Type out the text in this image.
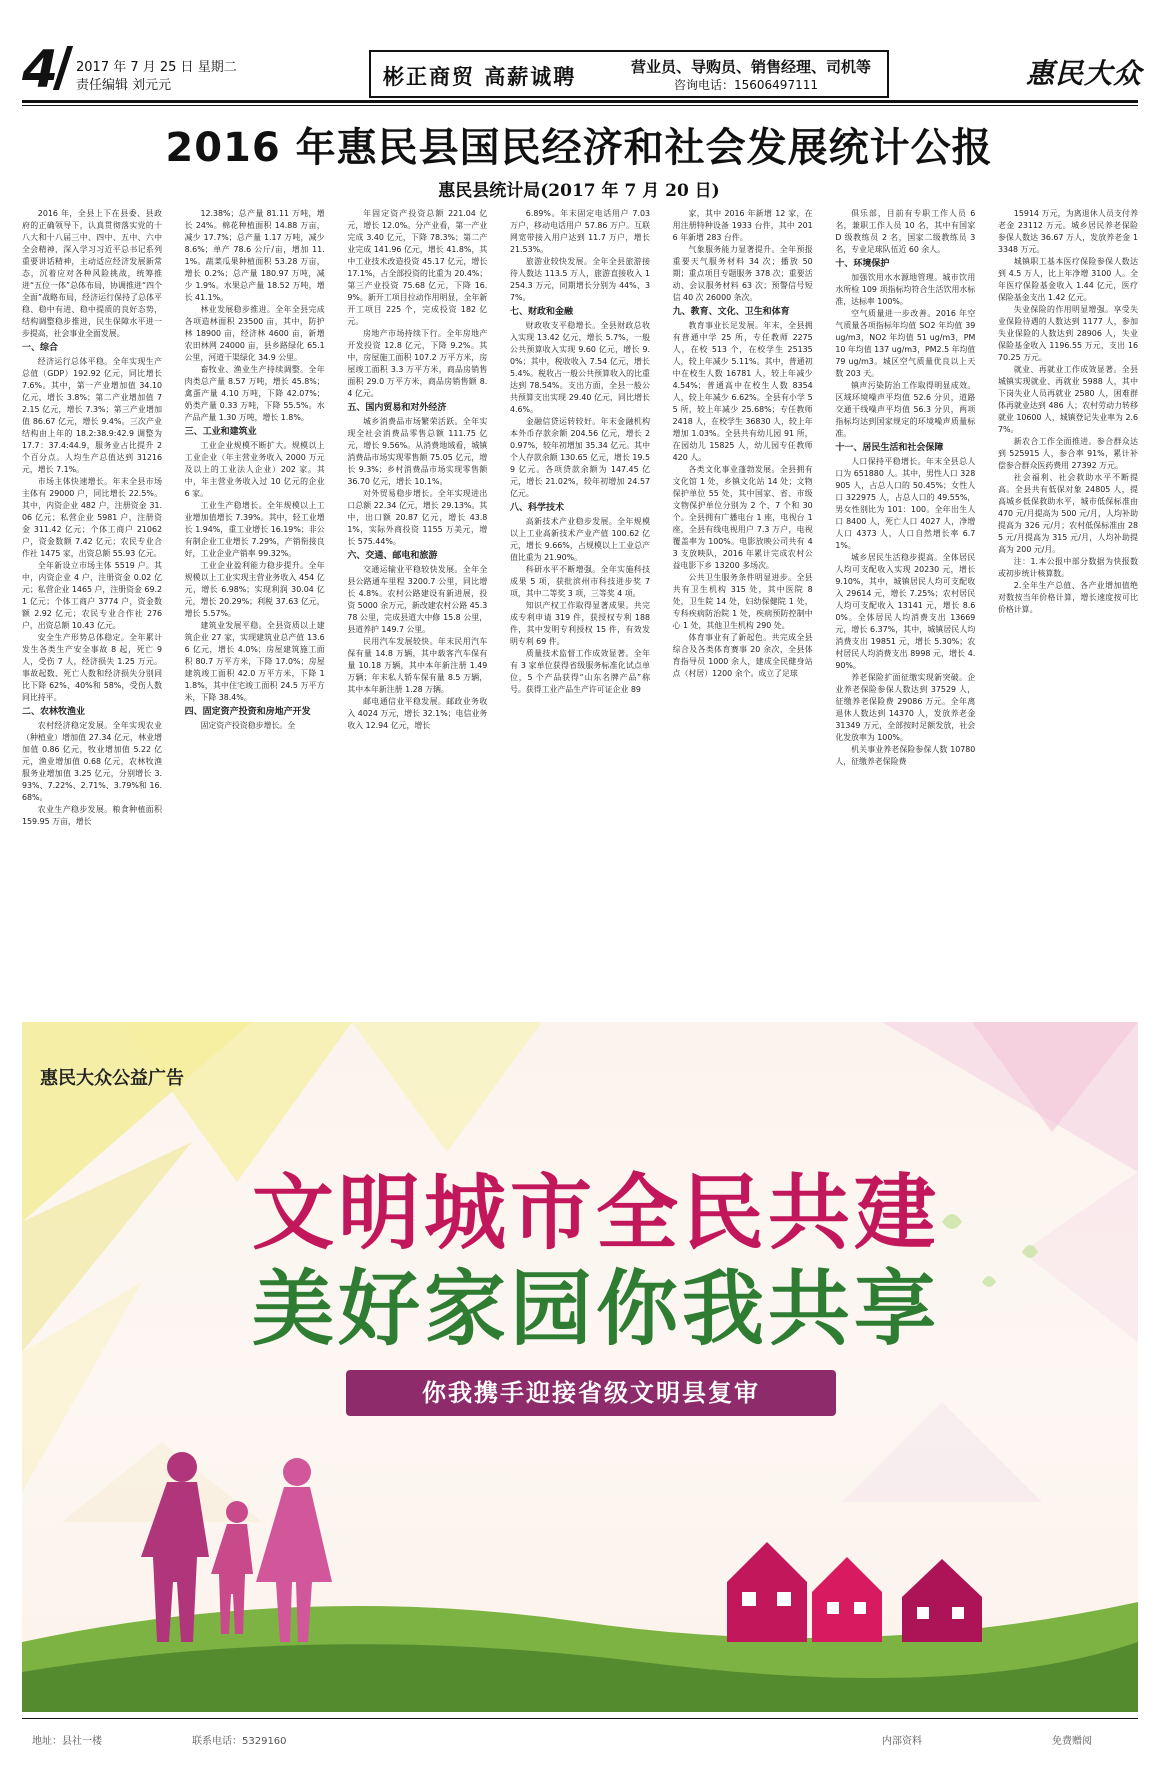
4 2017 年 7 月 25 日 星期二
责任编辑 刘元元	彬正商贸 高薪诚聘	营业员、导购员、销售经理、司机等
咨询电话：15606497111	惠民大众
2016 年惠民县国民经济和社会发展统计公报
惠民县统计局(2017 年 7 月 20 日)

2016 年，全县上下在县委、县政府的正确领导下，认真贯彻落实党的十八大和十八届三中、四中、五中、六中全会精神，深入学习习近平总书记系列重要讲话精神，主动适应经济发展新常态，沉着应对各种风险挑战，统筹推进“五位一体”总体布局，协调推进“四个全面”战略布局，经济运行保持了总体平稳、稳中有进、稳中提质的良好态势，结构调整稳步推进，民生保障水平进一步提高，社会事业全面发展。

一、综合

经济运行总体平稳。全年实现生产总值（GDP）192.92 亿元，同比增长 7.6%。其中，第一产业增加值 34.10 亿元，增长 3.8%；第二产业增加值 72.15 亿元，增长 7.3%；第三产业增加值 86.67 亿元，增长 9.4%。三次产业结构由上年的 18.2:38.9:42.9 调整为 17.7：37.4:44.9，服务业占比提升 2 个百分点。人均生产总值达到 31216 元，增长 7.1%。

市场主体快速增长。年末全县市场主体有 29000 户，同比增长 22.5%。其中，内资企业 482 户，注册资金 31.06 亿元；私营企业 5981 户，注册资金 311.42 亿元；个体工商户 21062 户，资金数额 7.42 亿元；农民专业合作社 1475 家，出资总额 55.93 亿元。

全年新设立市场主体 5519 户。其中，内资企业 4 户，注册资金 0.02 亿元；私营企业 1465 户，注册资金 69.21 亿元；个体工商户 3774 户，资金数额 2.92 亿元；农民专业合作社 276 户，出资总额 10.43 亿元。

安全生产形势总体稳定。全年累计发生各类生产安全事故 8 起，死亡 9 人，受伤 7 人，经济损失 1.25 万元。事故起数、死亡人数和经济损失分别同比下降 62%、40%和 58%，受伤人数同比持平。

二、农林牧渔业

农村经济稳定发展。全年实现农业（种植业）增加值 27.34 亿元，林业增加值 0.86 亿元，牧业增加值 5.22 亿元，渔业增加值 0.68 亿元，农林牧渔服务业增加值 3.25 亿元，分别增长 3.93%、7.22%、2.71%、3.79%和 16.68%。

农业生产稳步发展。粮食种植面积 159.95 万亩，增长

12.38%；总产量 81.11 万吨，增长 24%。棉花种植面积 14.88 万亩，减少 17.7%；总产量 1.17 万吨，减少 8.6%；单产 78.6 公斤/亩，增加 11.1%。蔬菜瓜果种植面积 53.28 万亩，增长 0.2%；总产量 180.97 万吨，减少 1.9%。水果总产量 18.52 万吨，增长 41.1%。

林业发展稳步推进。全年全县完成各项造林面积 23500 亩，其中，防护林 18900 亩，经济林 4600 亩，新增农田林网 24000 亩，县乡路绿化 65.1 公里，河道干渠绿化 34.9 公里。

畜牧业、渔业生产持续调整。全年肉类总产量 8.57 万吨，增长 45.8%；禽蛋产量 4.10 万吨，下降 42.07%；奶类产量 0.33 万吨，下降 55.5%。水产品产量 1.30 万吨，增长 1.8%。

三、工业和建筑业

工业企业规模不断扩大。规模以上工业企业（年主营业务收入 2000 万元及以上的工业法人企业）202 家。其中，年主营业务收入过 10 亿元的企业 6 家。

工业生产稳增长。全年规模以上工业增加值增长 7.39%。其中，轻工业增长 1.94%，重工业增长 16.19%；非公有制企业工业增长 7.29%，产销衔接良好，工业企业产销率 99.32%。

工业企业盈利能力稳步提升。全年规模以上工业实现主营业务收入 454 亿元，增长 6.98%；实现利润 30.04 亿元，增长 20.29%；利税 37.63 亿元，增长 5.57%。

建筑业发展平稳。全县资质以上建筑企业 27 家，实现建筑业总产值 13.66 亿元，增长 4.0%；房屋建筑施工面积 80.7 万平方米，下降 17.0%；房屋建筑竣工面积 42.0 万平方米，下降 11.8%，其中住宅竣工面积 24.5 万平方米，下降 38.4%。

四、固定资产投资和房地产开发

固定资产投资稳步增长。全

年固定资产投资总额 221.04 亿元，增长 12.0%。分产业看，第一产业完成 3.40 亿元，下降 78.3%；第二产业完成 141.96 亿元，增长 41.8%，其中工业技术改造投资 45.17 亿元，增长 17.1%，占全部投资的比重为 20.4%；第三产业投资 75.68 亿元，下降 16.9%。新开工项目拉动作用明显，全年新开工项目 225 个，完成投资 182 亿元。

房地产市场持续下行。全年房地产开发投资 12.8 亿元，下降 9.2%。其中，房屋施工面积 107.2 万平方米，房屋竣工面积 3.3 万平方米，商品房销售面积 29.0 万平方米，商品房销售额 8.4 亿元。

五、国内贸易和对外经济

城乡消费品市场繁荣活跃。全年实现全社会消费品零售总额 111.75 亿元，增长 9.56%。从消费地域看，城镇消费品市场实现零售额 75.05 亿元，增长 9.3%；乡村消费品市场实现零售额 36.70 亿元，增长 10.1%。

对外贸易稳步增长。全年实现进出口总额 22.34 亿元，增长 29.13%。其中，出口额 20.87 亿元，增长 43.81%，实际外商投资 1155 万美元，增长 575.44%。

六、交通、邮电和旅游

交通运输业平稳较快发展。全年全县公路通车里程 3200.7 公里，同比增长 4.8%。农村公路建设有新进展，投资 5000 余万元，新改建农村公路 45.378 公里，完成县道大中修 15.8 公里，县道养护 149.7 公里。

民用汽车发展较快。年末民用汽车保有量 14.8 万辆，其中载客汽车保有量 10.18 万辆，其中本年新注册 1.49 万辆；年末私人轿车保有量 8.5 万辆，其中本年新注册 1.28 万辆。

邮电通信业平稳发展。邮政业务收入 4024 万元，增长 32.1%；电信业务收入 12.94 亿元，增长

6.89%。年末固定电话用户 7.03 万户，移动电话用户 57.86 万户。互联网宽带接入用户达到 11.7 万户，增长 21.53%。

旅游业较快发展。全年全县旅游接待人数达 113.5 万人，旅游直接收入 1254.3 万元，同期增长分别为 44%、37%。

七、财政和金融

财政收支平稳增长。全县财政总收入实现 13.42 亿元，增长 5.7%，一般公共预算收入实现 9.60 亿元，增长 9.0%；其中，税收收入 7.54 亿元，增长 5.4%。税收占一般公共预算收入的比重达到 78.54%。支出方面，全县一般公共预算支出实现 29.40 亿元，同比增长 4.6%。

金融信贷运转较好。年末金融机构本外币存款余额 204.56 亿元，增长 20.97%，较年初增加 35.34 亿元。其中个人存款余额 130.65 亿元，增长 19.59 亿元。各项贷款余额为 147.45 亿元，增长 21.02%，较年初增加 24.57 亿元。

八、科学技术

高新技术产业稳步发展。全年规模以上工业高新技术产业产值 100.62 亿元，增长 9.66%，占规模以上工业总产值比重为 21.90%。

科研水平不断增强。全年实施科技成果 5 项，获批滨州市科技进步奖 7 项，其中二等奖 3 项，三等奖 4 项。

知识产权工作取得显著成果。共完成专利申请 319 件，获授权专利 188 件，其中发明专利授权 15 件，有效发明专利 69 件。

质量技术监督工作成效显著。全年有 3 家单位获得省级服务标准化试点单位，5 个产品获得“山东名牌产品”称号。获得工业产品生产许可证企业 89

家，其中 2016 年新增 12 家，在用注册特种设备 1933 台件，其中 2016 年新增 283 台件。

气象服务能力显著提升。全年预报重要天气服务材料 34 次；播放 50 期；重点项目专题服务 378 次；重要活动、会议服务材料 63 次；预警信号短信 40 次 26000 条次。

九、教育、文化、卫生和体育

教育事业长足发展。年末，全县拥有普通中学 25 所，专任教师 2275 人，在校 513 个，在校学生 25135 人，较上年减少 5.11%。其中，普通初中在校生人数 16781 人，较上年减少 4.54%；普通高中在校生人数 8354 人，较上年减少 6.62%。全县有小学 55 所，较上年减少 25.68%；专任教师 2418 人，在校学生 36830 人，较上年增加 1.03%。全县共有幼儿园 91 所，在园幼儿 15825 人，幼儿园专任教师 420 人。

各类文化事业蓬勃发展。全县拥有文化馆 1 处，乡镇文化站 14 处；文物保护单位 55 处，其中国家、省、市级文物保护单位分别为 2 个、7 个和 30 个。全县拥有广播电台 1 座，电视台 1 座，全县有线电视用户 7.3 万户，电视覆盖率为 100%。电影放映公司共有 43 支放映队，2016 年累计完成农村公益电影下乡 13200 多场次。

公共卫生服务条件明显进步。全县共有卫生机构 315 处，其中医院 8 处，卫生院 14 处，妇幼保健院 1 处，专科疾病防治院 1 处，疾病预防控制中心 1 处，其他卫生机构 290 处。

体育事业有了新起色。共完成全县综合及各类体育赛事 20 余次，全县体育指导员 1000 余人，建成全民健身站点（村居）1200 余个。成立了足球

俱乐部，目前有专职工作人员 6 名，兼职工作人员 10 名，其中有国家 D 级教练员 2 名，国家二级教练员 3 名，专业足球队伍近 60 余人。

十、环境保护

加强饮用水水源地管理。城市饮用水所检 109 项指标均符合生活饮用水标准，达标率 100%。

空气质量进一步改善。2016 年空气质量各项指标年均值 SO2 年均值 39ug/m3，NO2 年均值 51 ug/m3，PM10 年均值 137 ug/m3，PM2.5 年均值 79 ug/m3。城区空气质量优良以上天数 203 天。

镇声污染防治工作取得明显成效。区域环境噪声平均值 52.6 分贝，道路交通干线噪声平均值 56.3 分贝，两项指标均达到国家规定的环境噪声质量标准。

十一、居民生活和社会保障

人口保持平稳增长。年末全县总人口为 651880 人。其中，男性人口 328905 人，占总人口的 50.45%；女性人口 322975 人，占总人口的 49.55%，男女性别比为 101：100。全年出生人口 8400 人，死亡人口 4027 人，净增人口 4373 人，人口自然增长率 6.71%。

城乡居民生活稳步提高。全体居民人均可支配收入实现 20230 元，增长 9.10%，其中，城镇居民人均可支配收入 29614 元，增长 7.25%；农村居民人均可支配收入 13141 元，增长 8.60%。全体居民人均消费支出 13669 元，增长 6.37%，其中，城镇居民人均消费支出 19851 元，增长 5.30%；农村居民人均消费支出 8998 元，增长 4.90%。

养老保险扩面征缴实现新突破。企业养老保险参保人数达到 37529 人，征缴养老保险费 29086 万元。全年离退休人数达到 14370 人，发放养老金 31349 万元，全部按时足额发放，社会化发放率为 100%。

机关事业养老保险参保人数 10780 人，征缴养老保险费

15914 万元，为离退休人员支付养老金 23112 万元。城乡居民养老保险参保人数达 36.67 万人，发放养老金 13348 万元。

城镇职工基本医疗保险参保人数达到 4.5 万人，比上年净增 3100 人。全年医疗保险基金收入 1.44 亿元，医疗保险基金支出 1.42 亿元。

失业保险的作用明显增强。享受失业保险待遇的人数达到 1177 人，参加失业保险的人数达到 28906 人，失业保险基金收入 1196.55 万元，支出 1670.25 万元。

就业、再就业工作成效显著。全县城镇实现就业、再就业 5988 人，其中下岗失业人员再就业 2580 人，困难群体再就业达到 486 人；农村劳动力转移就业 10600 人，城镇登记失业率为 2.67%。

新农合工作全面推进。参合群众达到 525915 人，参合率 91%，累计补偿参合群众医药费用 27392 万元。

社会福利、社会救助水平不断提高。全县共有低保对象 24805 人，提高城乡低保救助水平，城市低保标准由 470 元/月提高为 500 元/月，人均补助提高为 326 元/月；农村低保标准由 285 元/月提高为 315 元/月，人均补助提高为 200 元/月。

注：1.本公报中部分数据为快报数或初步统计核算数。

2.全年生产总值、各产业增加值绝对数按当年价格计算，增长速度按可比价格计算。

惠民大众公益广告
文明城市全民共建
美好家园你我共享
你我携手迎接省级文明县复审
地址：县社一楼	联系电话：5329160	内部资料	免费赠阅
